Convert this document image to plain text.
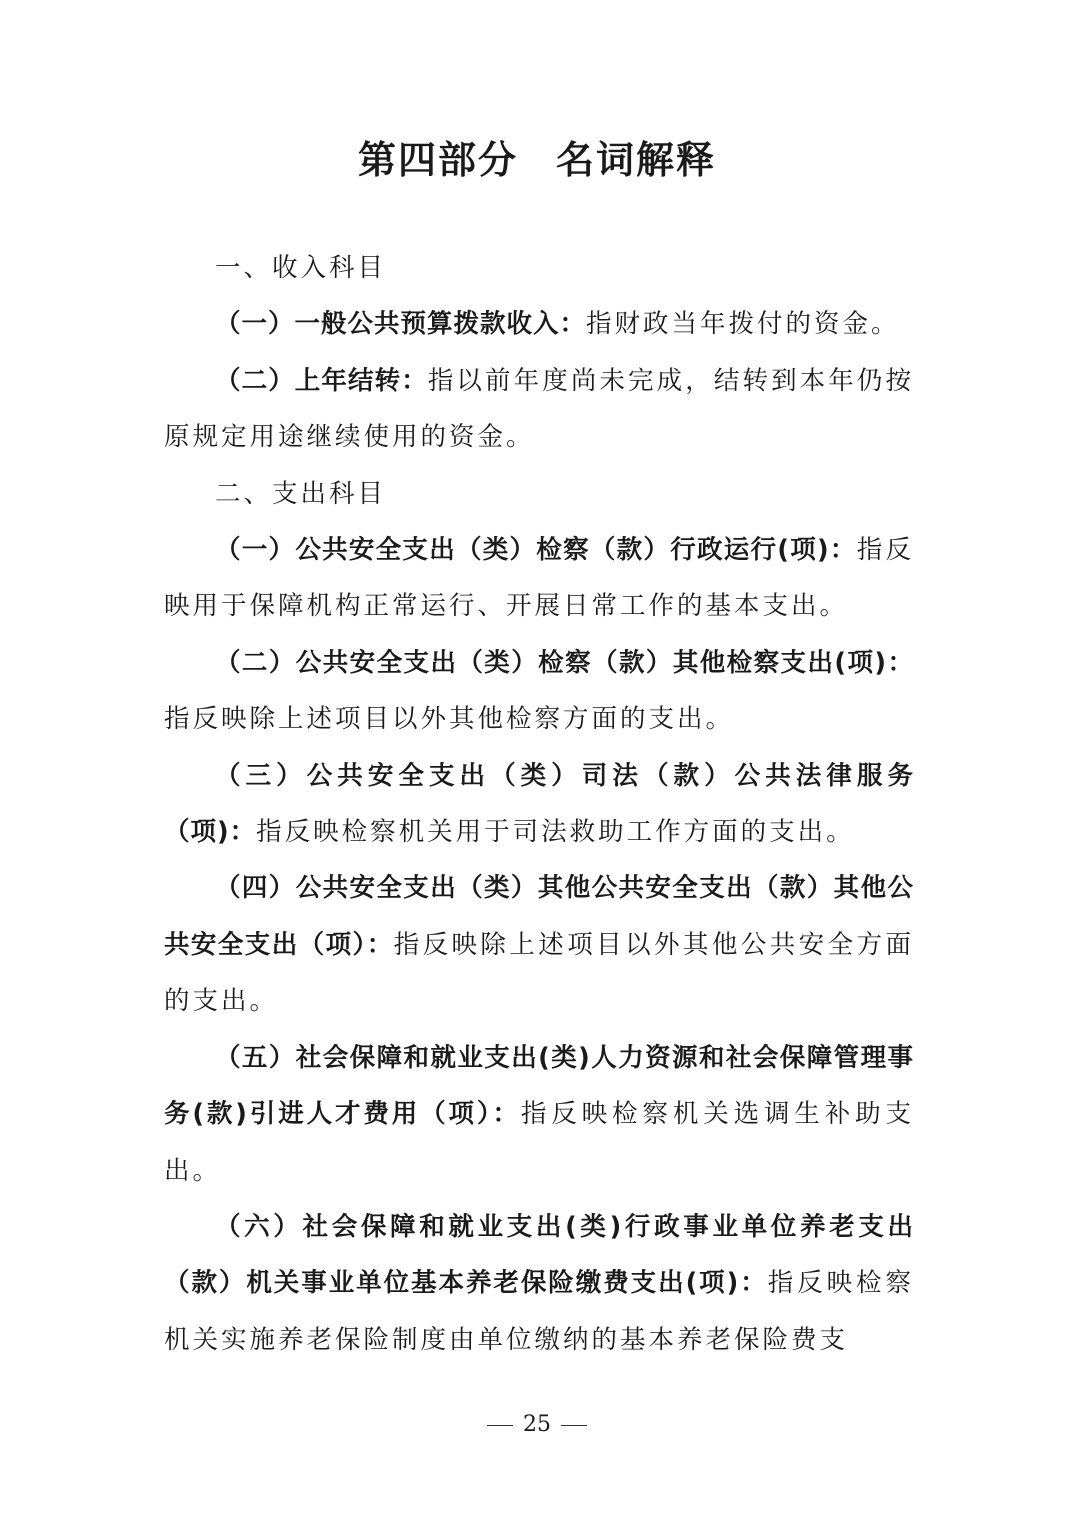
第四部分 名词解释

一、收入科目

（一）一般公共预算拨款收入：指财政当年拨付的资金。

（二）上年结转：指以前年度尚未完成，结转到本年仍按原规定用途继续使用的资金。

二、支出科目

（一）公共安全支出（类）检察（款）行政运行(项)：指反映用于保障机构正常运行、开展日常工作的基本支出。

（二）公共安全支出（类）检察（款）其他检察支出(项)：指反映除上述项目以外其他检察方面的支出。

（三）公共安全支出（类）司法（款）公共法律服务（项)：指反映检察机关用于司法救助工作方面的支出。

（四）公共安全支出（类）其他公共安全支出（款）其他公共安全支出（项）：指反映除上述项目以外其他公共安全方面的支出。

（五）社会保障和就业支出(类)人力资源和社会保障管理事务(款)引进人才费用（项）：指反映检察机关选调生补助支出。

（六）社会保障和就业支出(类)行政事业单位养老支出（款）机关事业单位基本养老保险缴费支出(项)：指反映检察机关实施养老保险制度由单位缴纳的基本养老保险费支

25
